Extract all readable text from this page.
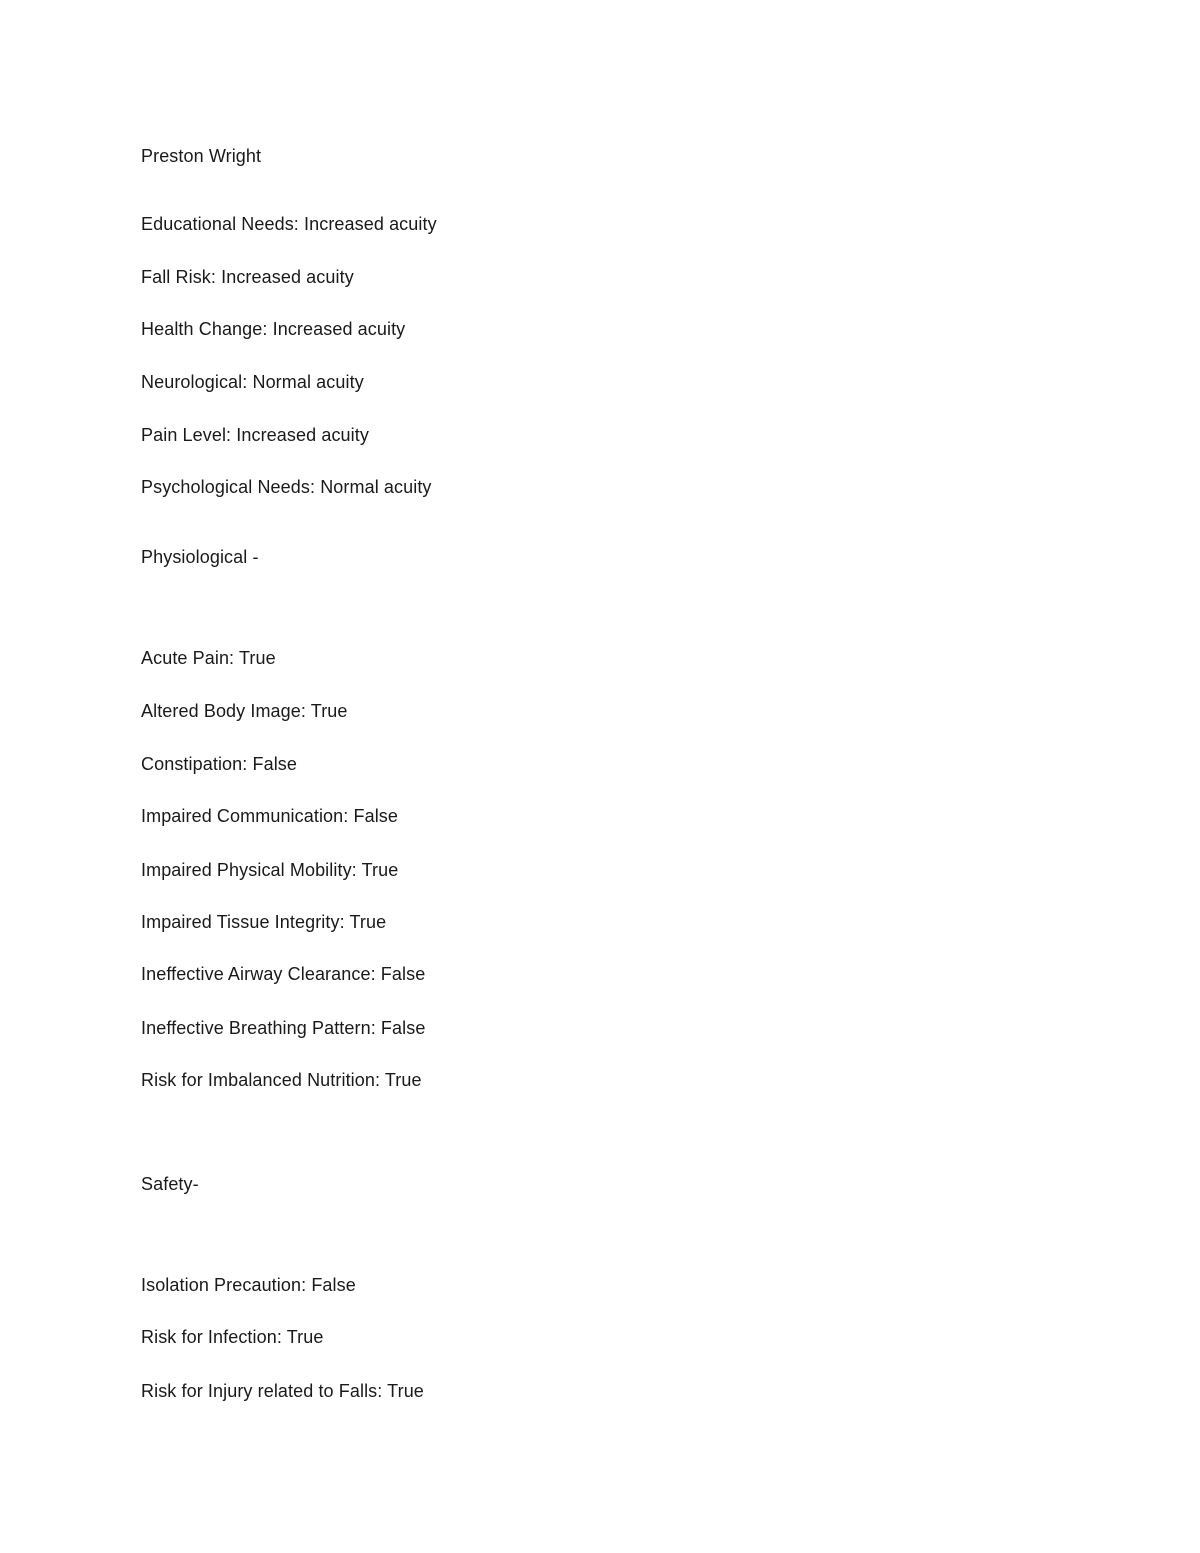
Preston Wright
Educational Needs: Increased acuity
Fall Risk: Increased acuity
Health Change: Increased acuity
Neurological: Normal acuity
Pain Level: Increased acuity
Psychological Needs: Normal acuity
Physiological -
Acute Pain: True
Altered Body Image: True
Constipation: False
Impaired Communication: False
Impaired Physical Mobility: True
Impaired Tissue Integrity: True
Ineffective Airway Clearance: False
Ineffective Breathing Pattern: False
Risk for Imbalanced Nutrition: True
Safety-
Isolation Precaution: False
Risk for Infection: True
Risk for Injury related to Falls: True
